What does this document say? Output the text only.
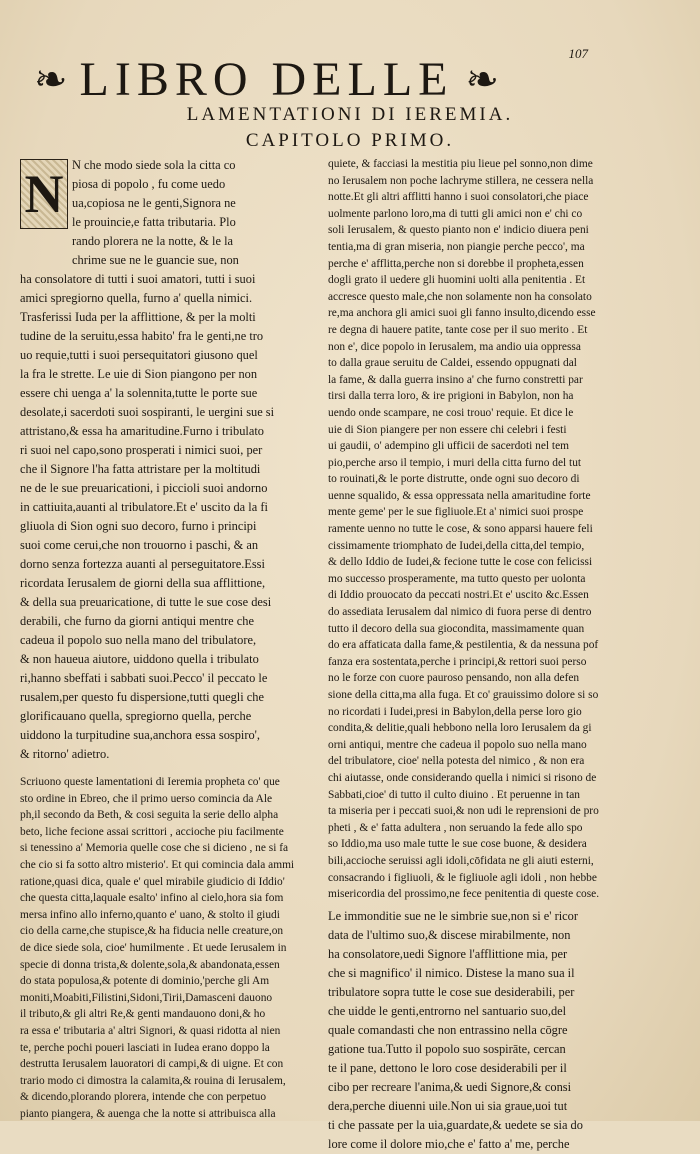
107
❧ LIBRO DELLE ❧
LAMENTATIONI DI IEREMIA.
CAPITOLO PRIMO.
N N che modo siede sola la citta co
piosa di popolo , fu come uedo
ua,copiosa ne le genti,Signora ne
le prouincie,e fatta tributaria. Plo
rando plorera ne la notte, & le la
chrime sue ne le guancie sue, non
ha consolatore di tutti i suoi amatori, tutti i suoi
amici spregiorno quella, furno a' quella nimici.
Trasferissi Iuda per la afflittione, & per la molti
tudine de la seruitu,essa habito' fra le genti,ne tro
uo requie,tutti i suoi persequitatori giusono quel
la fra le strette. Le uie di Sion piangono per non
essere chi uenga a' la solennita,tutte le porte sue
desolate,i sacerdoti suoi sospiranti, le uergini sue si
attristano,& essa ha amaritudine.Furno i tribulato
ri suoi nel capo,sono prosperati i nimici suoi, per
che il Signore l'ha fatta attristare per la moltitudi
ne de le sue preuaricationi, i piccioli suoi andorno
in cattiuita,auanti al tribulatore.Et e' uscito da la fi
gliuola di Sion ogni suo decoro, furno i principi
suoi come cerui,che non trouorno i paschi, & an
dorno senza fortezza auanti al perseguitatore.Essi
ricordata Ierusalem de giorni della sua afflittione,
& della sua preuaricatione, di tutte le sue cose desi
derabili, che furno da giorni antiqui mentre che
cadeua il popolo suo nella mano del tribulatore,
& non haueua aiutore, uiddono quella i tribulato
ri,hanno sbeffati i sabbati suoi.Pecco' il peccato le
rusalem,per questo fu dispersione,tutti quegli che
glorificauano quella, spregiorno quella, perche
uiddono la turpitudine sua,anchora essa sospiro',
& ritorno' adietro.
Scriuono queste lamentationi di Ieremia propheta co' que
sto ordine in Ebreo, che il primo uerso comincia da Ale
ph,il secondo da Beth, & cosi seguita la serie dello alpha
beto, liche fecione assai scrittori , accioche piu facilmente
si tenessino a' Memoria quelle cose che si dicieno , ne si fa
che cio si fa sotto altro misterio'. Et qui comincia dala ammi
ratione,quasi dica, quale e' quel mirabile giudicio di Iddio'
che questa citta,laquale esalto' infino al cielo,hora sia fom
mersa infino allo inferno,quanto e' uano, & stolto il giudi
cio della carne,che stupisce,& ha fiducia nelle creature,on
de dice siede sola, cioe' humilmente . Et uede Ierusalem in
specie di donna trista,& dolente,sola,& abandonata,essen
do stata populosa,& potente di dominio,'perche gli Am
moniti,Moabiti,Filistini,Sidoni,Tirii,Damasceni dauono
il tributo,& gli altri Re,& genti mandauono doni,& ho
ra essa e' tributaria a' altri Signori, & quasi ridotta al nien
te, perche pochi poueri lasciati in Iudea erano doppo la
destrutta Ierusalem lauoratori di campi,& di uigne. Et con
trario modo ci dimostra la calamita,& rouina di Ierusalem,
& dicendo,plorando plorera, intende che con perpetuo
pianto piangera, & auenga che la notte si attribuisca alla
quiete, & facciasi la mestitia piu lieue pel sonno,non dime
no Ierusalem non poche lachryme stillera, ne cessera nella
notte.Et gli altri afflitti hanno i suoi consolatori,che piace
uolmente parlono loro,ma di tutti gli amici non e' chi co
soli Ierusalem, & questo pianto non e' indicio diuera peni
tentia,ma di gran miseria, non piangie perche pecco', ma
perche e' afflitta,perche non si dorebbe il propheta,essen
dogli grato il uedere gli huomini uolti alla penitentia . Et
accresce questo male,che non solamente non ha consolato
re,ma anchora gli amici suoi gli fanno insulto,dicendo esse
re degna di hauere patite, tante cose per il suo merito . Et
non e', dice popolo in Ierusalem, ma andio uia oppressa
to dalla graue seruitu de Caldei, essendo oppugnati dal
la fame, & dalla guerra insino a' che furno constretti par
tirsi dalla terra loro, & ire prigioni in Babylon, non ha
uendo onde scampare, ne cosi trouo' requie. Et dice le
uie di Sion piangere per non essere chi celebri i festi
ui gaudii, o' adempino gli ufficii de sacerdoti nel tem
pio,perche arso il tempio, i muri della citta furno del tut
to rouinati,& le porte distrutte, onde ogni suo decoro di
uenne squalido, & essa oppressata nella amaritudine forte
mente geme' per le sue figliuole.Et a' nimici suoi prospe
ramente uenno no tutte le cose, & sono apparsi hauere feli
cissimamente triomphato de Iudei,della citta,del tempio,
& dello Iddio de Iudei,& fecione tutte le cose con felicissi
mo successo prosperamente, ma tutto questo per uolonta
di Iddio prouocato da peccati nostri.Et e' uscito &c.Essen
do assediata Ierusalem dal nimico di fuora perse di dentro
tutto il decoro della sua giocondita, massimamente quan
do era affaticata dalla fame,& pestilentia, & da nessuna pof
fanza era sostentata,perche i principi,& rettori suoi perso
no le forze con cuore pauroso pensando, non alla defen
sione della citta,ma alla fuga. Et co' grauissimo dolore si so
no ricordati i Iudei,presi in Babylon,della perse loro gio
condita,& delitie,quali hebbono nella loro Ierusalem da gi
orni antiqui, mentre che cadeua il popolo suo nella mano
del tribulatore, cioe' nella potesta del nimico , & non era
chi aiutasse, onde considerando quella i nimici si risono de
Sabbati,cioe' di tutto il culto diuino . Et peruenne in tan
ta miseria per i peccati suoi,& non udi le reprensioni de pro
pheti , & e' fatta adultera , non seruando la fede allo spo
so Iddio,ma uso male tutte le sue cose buone, & desidera
bili,accioche seruissi agli idoli,cōfidata ne gli aiuti esterni,
consacrando i figliuoli, & le figliuole agli idoli , non hebbe
misericordia del prossimo,ne fece penitentia di queste cose.
Le immonditie sue ne le simbrie sue,non si e' ricor
data de l'ultimo suo,& discese mirabilmente, non
ha consolatore,uedi Signore l'afflittione mia, per
che si magnifico' il nimico. Distese la mano sua il
tribulatore sopra tutte le cose sue desiderabili, per
che uidde le genti,entrorno nel santuario suo,del
quale comandasti che non entrassino nella cōgre
gatione tua.Tutto il popolo suo sospirāte, cercan
te il pane, dettono le loro cose desiderabili per il
cibo per recreare l'anima,& uedi Signore,& consi
dera,perche diuenni uile.Non ui sia graue,uoi tut
ti che passate per la uia,guardate,& uedete se sia do
lore come il dolore mio,che e' fatto a' me, perche
